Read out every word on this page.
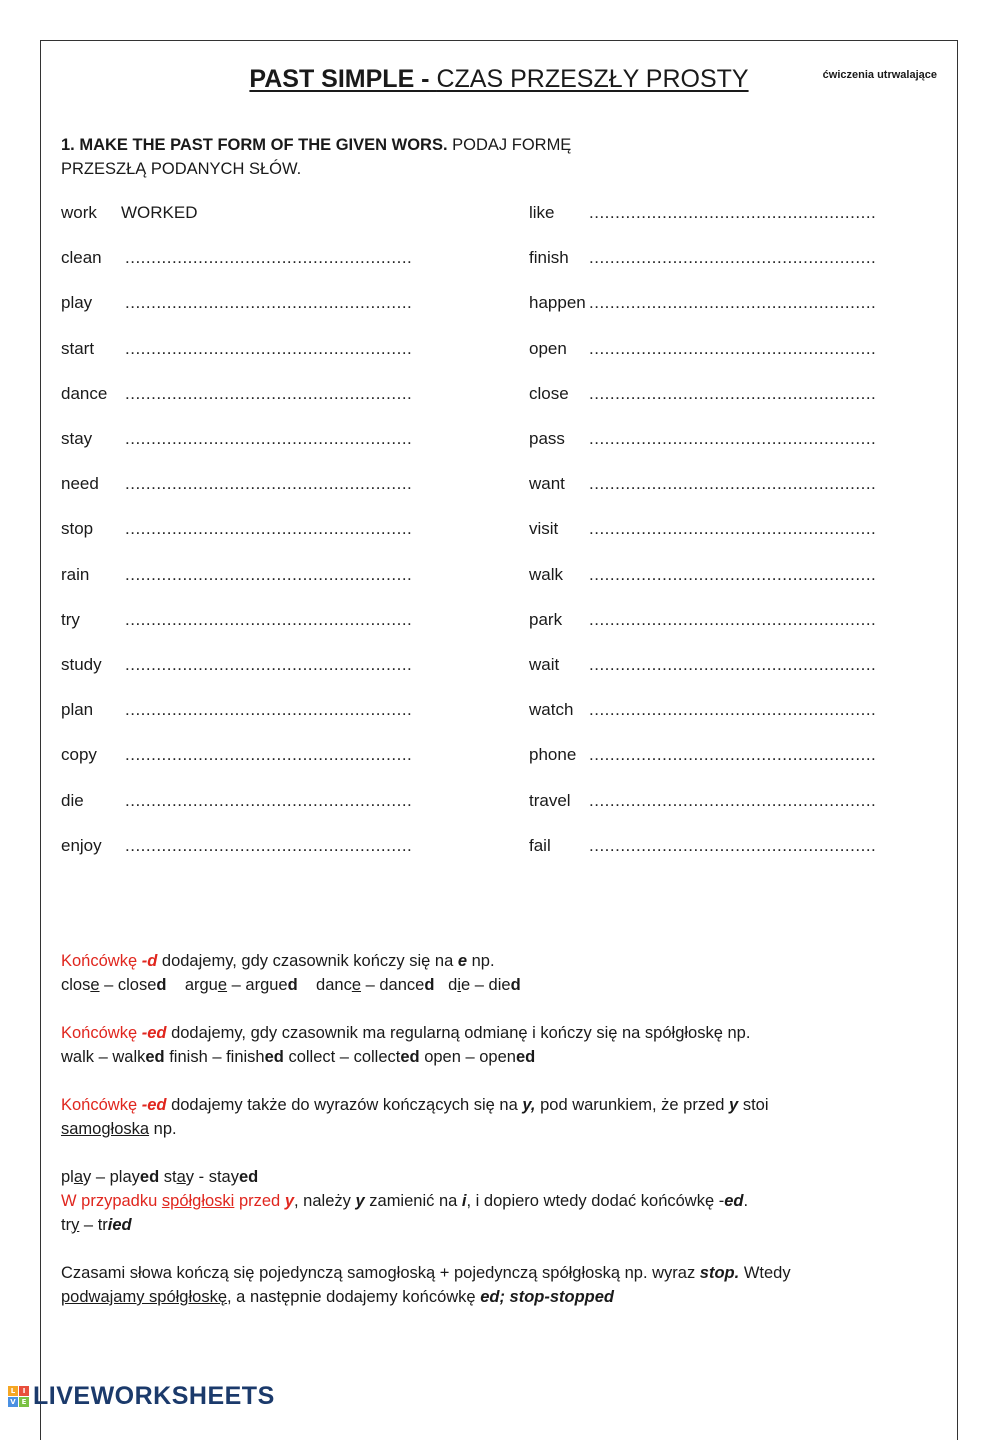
PAST SIMPLE - CZAS PRZESZŁY PROSTY	ćwiczenia utrwalające
1. MAKE THE PAST FORM OF THE GIVEN WORS. PODAJ FORMĘ
PRZESZŁĄ PODANYCH SŁÓW.
work WORKED
clean .......................................................
play .......................................................
start .......................................................
dance .......................................................
stay .......................................................
need .......................................................
stop .......................................................
rain .......................................................
try	.......................................................
study .......................................................
plan .......................................................
copy .......................................................
die .......................................................
enjoy .......................................................
like .......................................................
finish .......................................................
happen .......................................................
open .......................................................
close .......................................................
pass .......................................................
want .......................................................
visit .......................................................
walk .......................................................
park .......................................................
wait .......................................................
watch .......................................................
phone .......................................................
travel .......................................................
fail .......................................................

Końcówkę -d dodajemy, gdy czasownik kończy się na e np.

close – closed    argue – argued    dance – danced   die – died

Końcówkę -ed dodajemy, gdy czasownik ma regularną odmianę i kończy się na spółgłoskę np.

walk – walked finish – finished collect – collected open – opened

Końcówkę -ed dodajemy także do wyrazów kończących się na y, pod warunkiem, że przed y stoi

samogłoska np.

play – played stay - stayed

W przypadku spółgłoski przed y, należy y zamienić na i, i dopiero wtedy dodać końcówkę -ed.

try – tried

Czasami słowa kończą się pojedynczą samogłoską + pojedynczą spółgłoską np. wyraz stop. Wtedy

podwajamy spółgłoskę, a następnie dodajemy końcówkę ed; stop-stopped

L	I
V E LIVEWORKSHEETS
